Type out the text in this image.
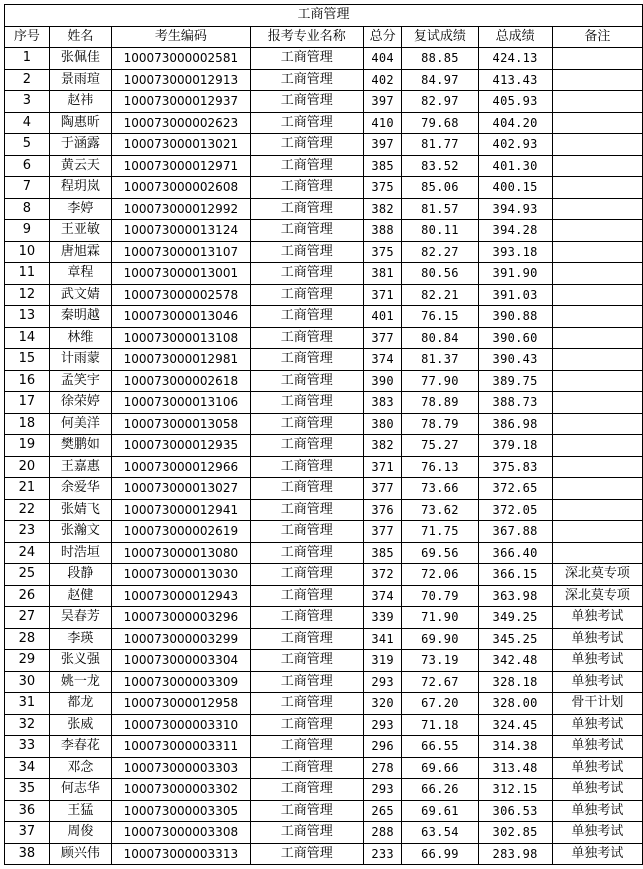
工商管理							
序号	姓名	考生编码	报考专业名称	总分	复试成绩	总成绩	备注
1	张佩佳	100073000002581	工商管理	404	88.85	424.13	
2	景雨瑄	100073000012913	工商管理	402	84.97	413.43	
3	赵祎	100073000012937	工商管理	397	82.97	405.93	
4	陶惠昕	100073000002623	工商管理	410	79.68	404.20	
5	于涵露	100073000013021	工商管理	397	81.77	402.93	
6	黄云天	100073000012971	工商管理	385	83.52	401.30	
7	程玥岚	100073000002608	工商管理	375	85.06	400.15	
8	李婷	100073000012992	工商管理	382	81.57	394.93	
9	王亚敏	100073000013124	工商管理	388	80.11	394.28	
10	唐旭霖	100073000013107	工商管理	375	82.27	393.18	
11	章程	100073000013001	工商管理	381	80.56	391.90	
12	武文婧	100073000002578	工商管理	371	82.21	391.03	
13	秦明越	100073000013046	工商管理	401	76.15	390.88	
14	林维	100073000013108	工商管理	377	80.84	390.60	
15	计雨蒙	100073000012981	工商管理	374	81.37	390.43	
16	孟笑宇	100073000002618	工商管理	390	77.90	389.75	
17	徐荣婷	100073000013106	工商管理	383	78.89	388.73	
18	何美洋	100073000013058	工商管理	380	78.79	386.98	
19	樊鹏如	100073000012935	工商管理	382	75.27	379.18	
20	王嘉惠	100073000012966	工商管理	371	76.13	375.83	
21	余爱华	100073000013027	工商管理	377	73.66	372.65	
22	张婧飞	100073000012941	工商管理	376	73.62	372.05	
23	张瀚文	100073000002619	工商管理	377	71.75	367.88	
24	时浩垣	100073000013080	工商管理	385	69.56	366.40	
25	段静	100073000013030	工商管理	372	72.06	366.15	深北莫专项
26	赵健	100073000012943	工商管理	374	70.79	363.98	深北莫专项
27	吴春芳	100073000003296	工商管理	339	71.90	349.25	单独考试
28	李瑛	100073000003299	工商管理	341	69.90	345.25	单独考试
29	张义强	100073000003304	工商管理	319	73.19	342.48	单独考试
30	姚一龙	100073000003309	工商管理	293	72.67	328.18	单独考试
31	都龙	100073000012958	工商管理	320	67.20	328.00	骨干计划
32	张威	100073000003310	工商管理	293	71.18	324.45	单独考试
33	李春花	100073000003311	工商管理	296	66.55	314.38	单独考试
34	邓念	100073000003303	工商管理	278	69.66	313.48	单独考试
35	何志华	100073000003302	工商管理	293	66.26	312.15	单独考试
36	王猛	100073000003305	工商管理	265	69.61	306.53	单独考试
37	周俊	100073000003308	工商管理	288	63.54	302.85	单独考试
38	顾兴伟	100073000003313	工商管理	233	66.99	283.98	单独考试
